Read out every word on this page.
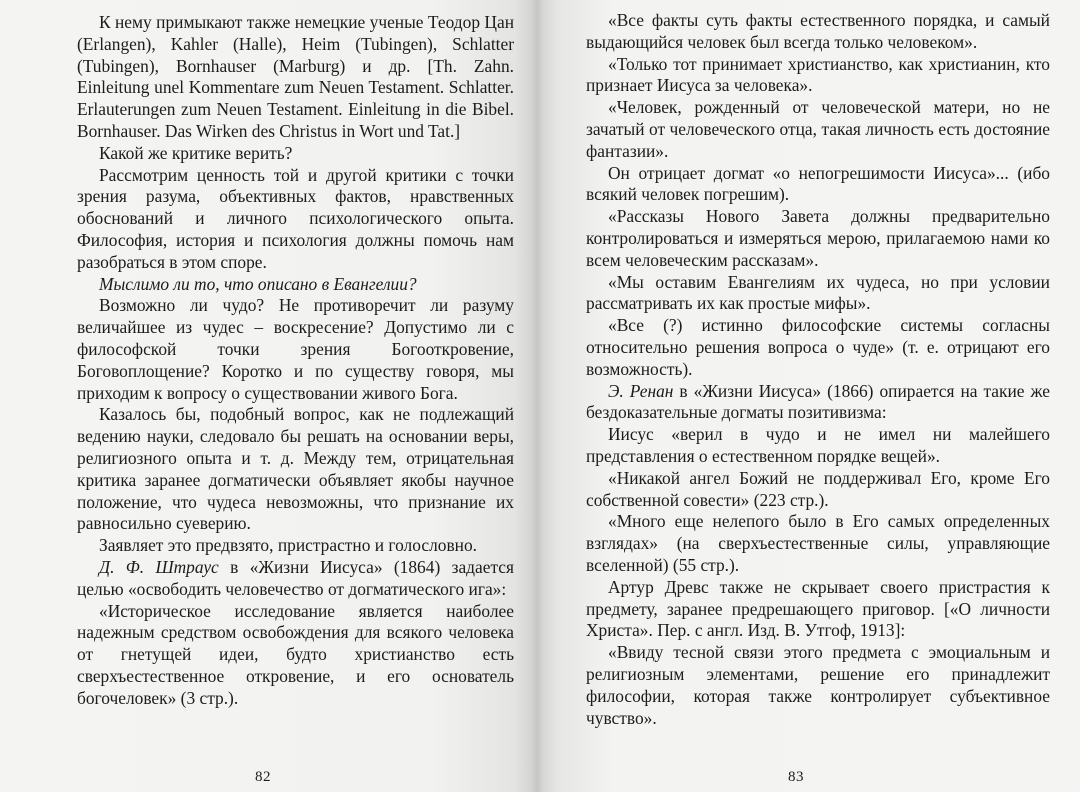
К нему примыкают также немецкие ученые Теодор Цан (Erlangen), Kahler (Halle), Heim (Tubingen), Schlatter (Tubingen), Bornhauser (Marburg) и др. [Th. Zahn. Einleitung unel Kommentare zum Neuen Testament. Schlatter. Erlauterungen zum Neuen Testament. Einleitung in die Bibel. Bornhauser. Das Wirken des Christus in Wort und Tat.]

Какой же критике верить?

Рассмотрим ценность той и другой критики с точки зрения разума, объективных фактов, нравственных обоснований и личного психологического опыта. Философия, история и психология должны помочь нам разобраться в этом споре.

Мыслимо ли то, что описано в Евангелии?

Возможно ли чудо? Не противоречит ли разуму величайшее из чудес – воскресение? Допустимо ли с философской точки зрения Богооткровение, Боговоплощение? Коротко и по существу говоря, мы приходим к вопросу о существовании живого Бога.

Казалось бы, подобный вопрос, как не подлежащий ведению науки, следовало бы решать на основании веры, религиозного опыта и т. д. Между тем, отрицательная критика заранее догматически объявляет якобы научное положение, что чудеса невозможны, что признание их равносильно суеверию.

Заявляет это предвзято, пристрастно и голословно.

Д. Ф. Штраус в «Жизни Иисуса» (1864) задается целью «освободить человечество от догматического ига»:

«Историческое исследование является наиболее надежным средством освобождения для всякого человека от гнетущей идеи, будто христианство есть сверхъестественное откровение, и его основатель богочеловек» (3 стр.).

82

«Все факты суть факты естественного порядка, и самый выдающийся человек был всегда только человеком».

«Только тот принимает христианство, как христианин, кто признает Иисуса за человека».

«Человек, рожденный от человеческой матери, но не зачатый от человеческого отца, такая личность есть достояние фантазии».

Он отрицает догмат «о непогрешимости Иисуса»... (ибо всякий человек погрешим).

«Рассказы Нового Завета должны предварительно контролироваться и измеряться мерою, прилагаемою нами ко всем человеческим рассказам».

«Мы оставим Евангелиям их чудеса, но при условии рассматривать их как простые мифы».

«Все (?) истинно философские системы согласны относительно решения вопроса о чуде» (т. е. отрицают его возможность).

Э. Ренан в «Жизни Иисуса» (1866) опирается на такие же бездоказательные догматы позитивизма:

Иисус «верил в чудо и не имел ни малейшего представления о естественном порядке вещей».

«Никакой ангел Божий не поддерживал Его, кроме Его собственной совести» (223 стр.).

«Много еще нелепого было в Его самых определенных взглядах» (на сверхъестественные силы, управляющие вселенной) (55 стр.).

Артур Древс также не скрывает своего пристрастия к предмету, заранее предрешающего приговор. [«О личности Христа». Пер. с англ. Изд. В. Утгоф, 1913]:

«Ввиду тесной связи этого предмета с эмоциальным и религиозным элементами, решение его принадлежит философии, которая также контролирует субъективное чувство».

83
